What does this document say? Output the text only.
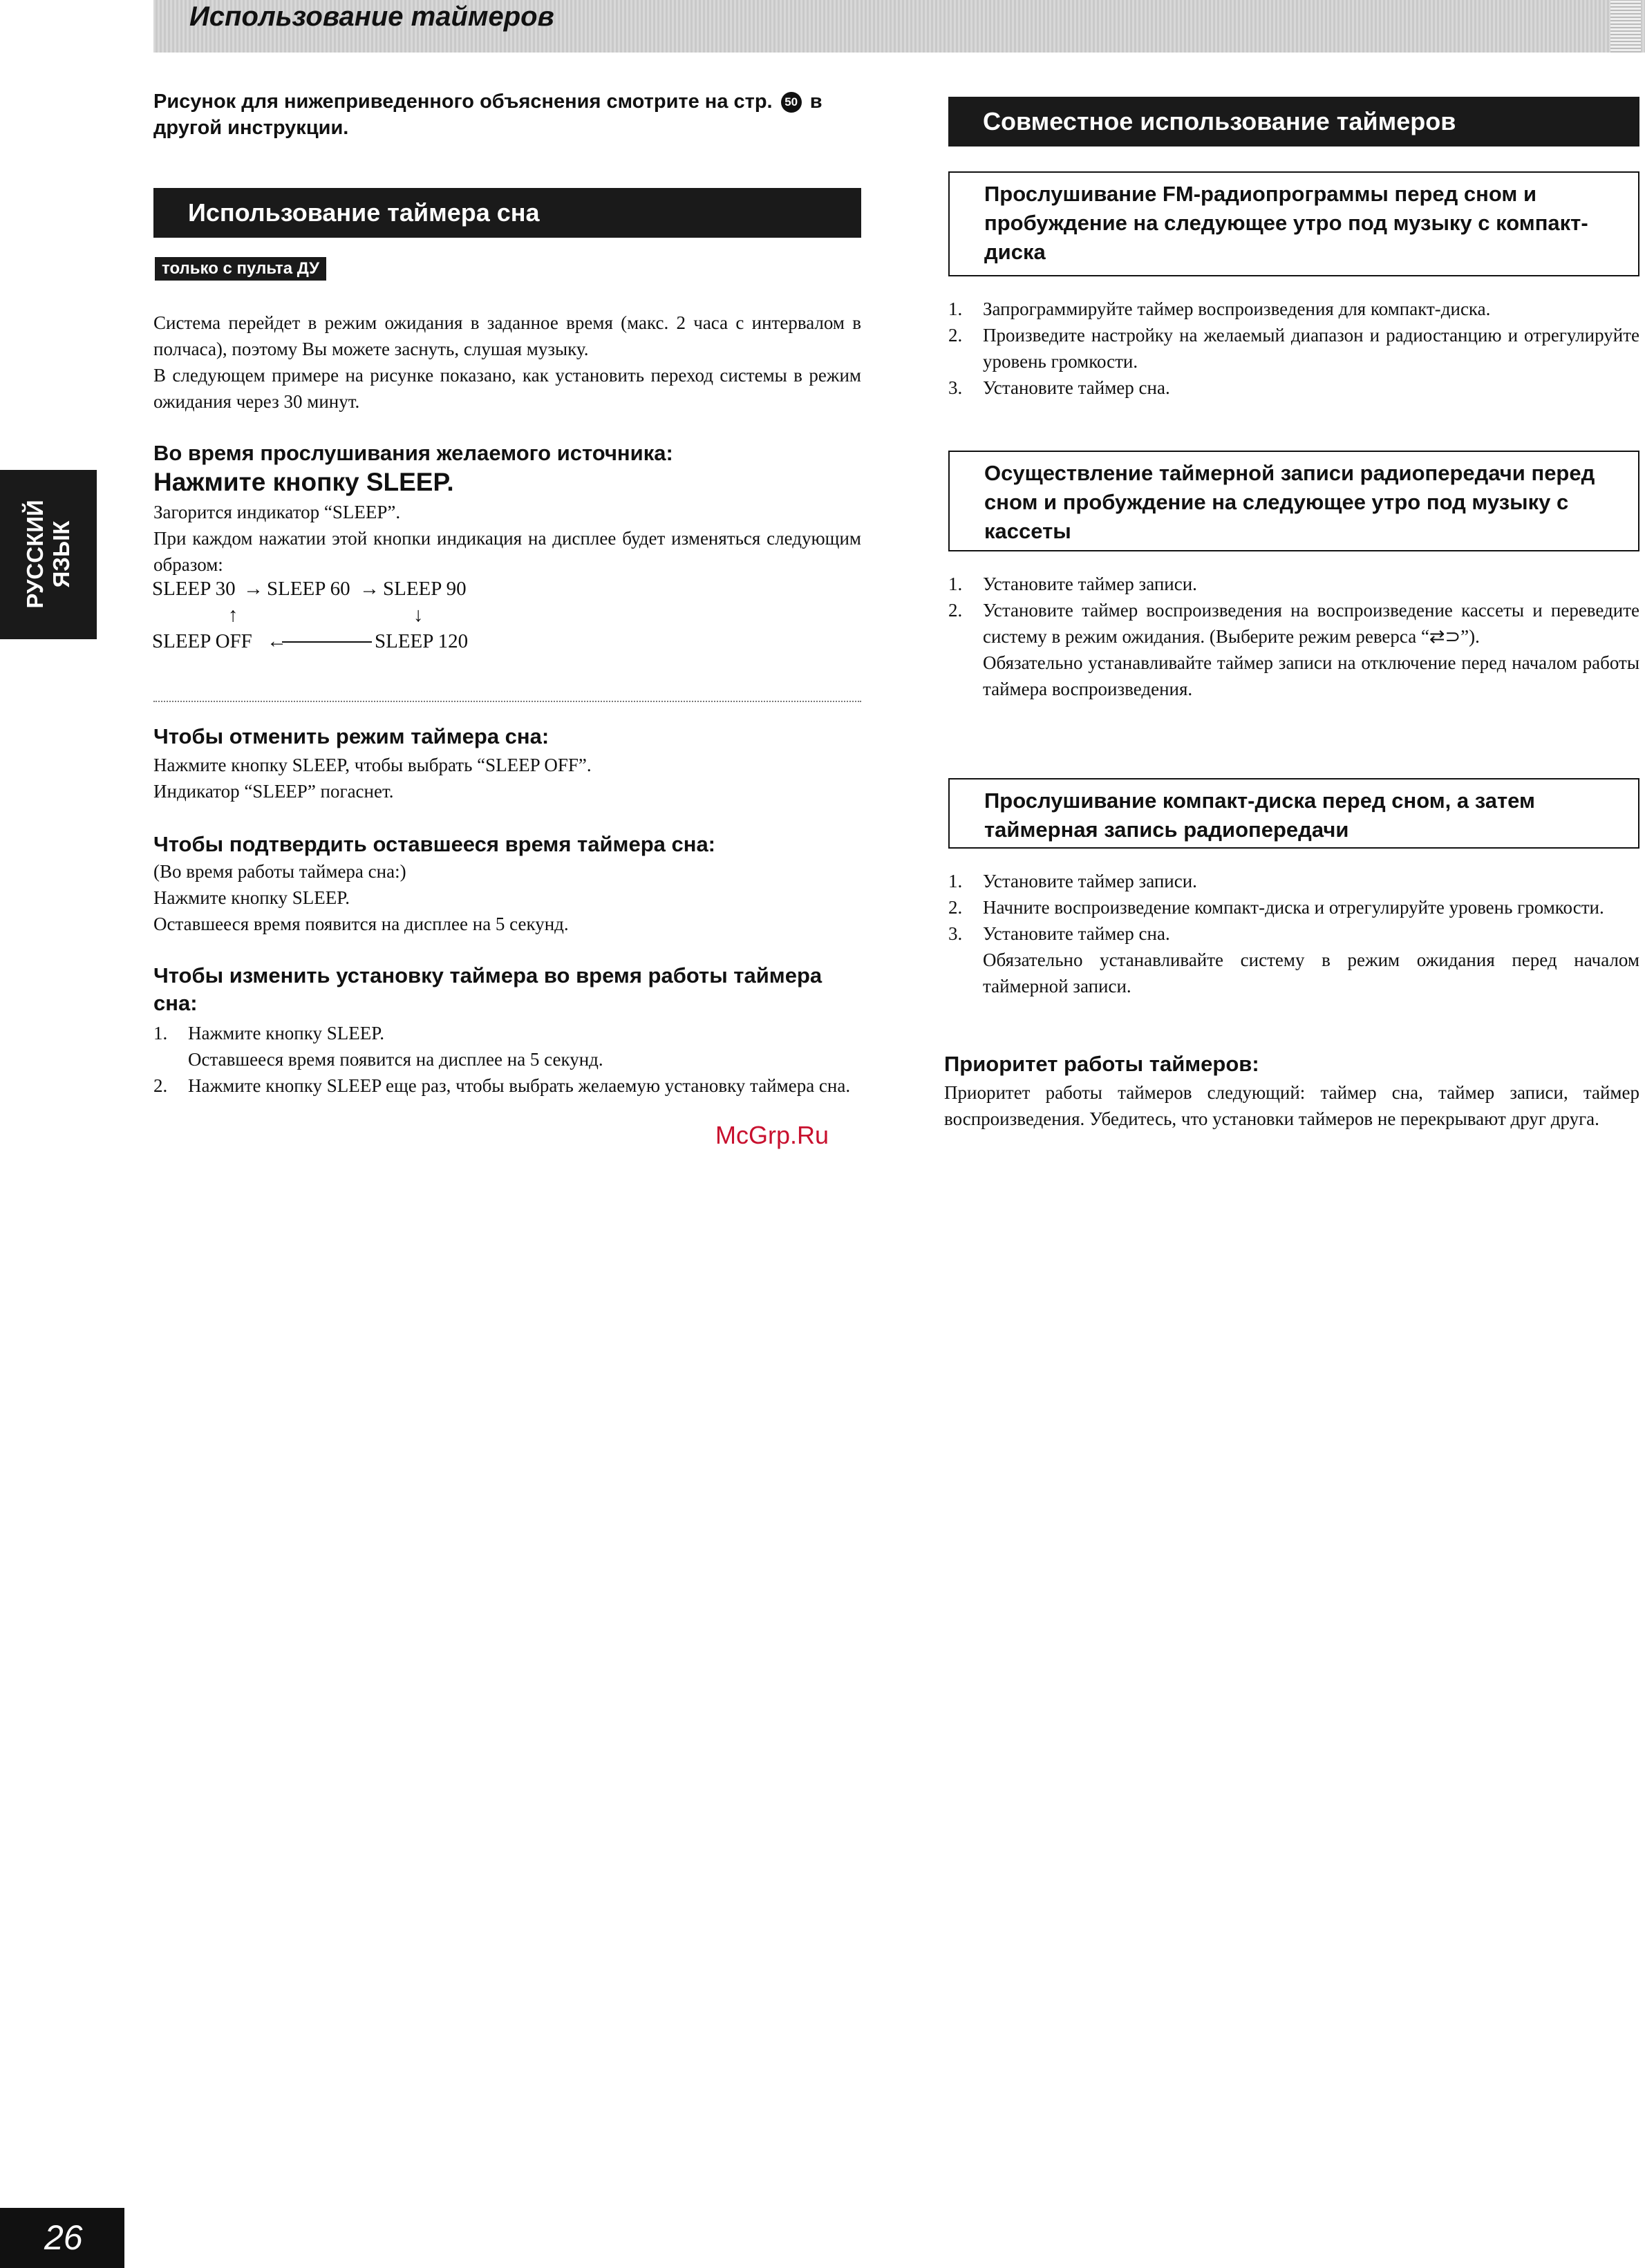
Использование таймеров
Рисунок для нижеприведенного объяснения смотрите на стр. 50 в другой инструкции.
Использование таймера сна
только с пульта ДУ
Система перейдет в режим ожидания в заданное время (макс. 2 часа с интервалом в полчаса), поэтому Вы можете заснуть, слушая музыку.
В следующем примере на рисунке показано, как установить переход системы в режим ожидания через 30 минут.
Во время прослушивания желаемого источника:
Нажмите кнопку SLEEP.
Загорится индикатор “SLEEP”.
При каждом нажатии этой кнопки индикация на дисплее будет изменяться следующим образом:
SLEEP 30 → SLEEP 60 → SLEEP 90
↑	↓
SLEEP OFF ←	SLEEP 120
Чтобы отменить режим таймера сна:
Нажмите кнопку SLEEP, чтобы выбрать “SLEEP OFF”.
Индикатор “SLEEP” погаснет.
Чтобы подтвердить оставшееся время таймера сна:
(Во время работы таймера сна:)
Нажмите кнопку SLEEP.
Оставшееся время появится на дисплее на 5 секунд.
Чтобы изменить установку таймера во время работы таймера сна:
1. Нажмите кнопку SLEEP.
Оставшееся время появится на дисплее на 5 секунд.
2. Нажмите кнопку SLEEP еще раз, чтобы выбрать желаемую установку таймера сна.
McGrp.Ru
Совместное использование таймеров
Прослушивание FM-радиопрограммы перед сном и пробуждение на следующее утро под музыку с компакт-диска
1. Запрограммируйте таймер воспроизведения для компакт-диска.
2. Произведите настройку на желаемый диапазон и радиостанцию и отрегулируйте уровень громкости.
3. Установите таймер сна.
Осуществление таймерной записи радиопередачи перед сном и пробуждение на следующее утро под музыку с кассеты
1. Установите таймер записи.
2. Установите таймер воспроизведения на воспроизведение кассеты и переведите систему в режим ожидания. (Выберите режим реверса “⇄⊃”).
Обязательно устанавливайте таймер записи на отключение перед началом работы таймера воспроизведения.
Прослушивание компакт-диска перед сном, а затем таймерная запись радиопередачи
1. Установите таймер записи.
2. Начните воспроизведение компакт-диска и отрегулируйте уровень громкости.
3. Установите таймер сна.
Обязательно устанавливайте систему в режим ожидания перед началом таймерной записи.
Приоритет работы таймеров:
Приоритет работы таймеров следующий: таймер сна, таймер записи, таймер воспроизведения. Убедитесь, что установки таймеров не перекрывают друг друга.
РУССКИЙ
ЯЗЫК
26
